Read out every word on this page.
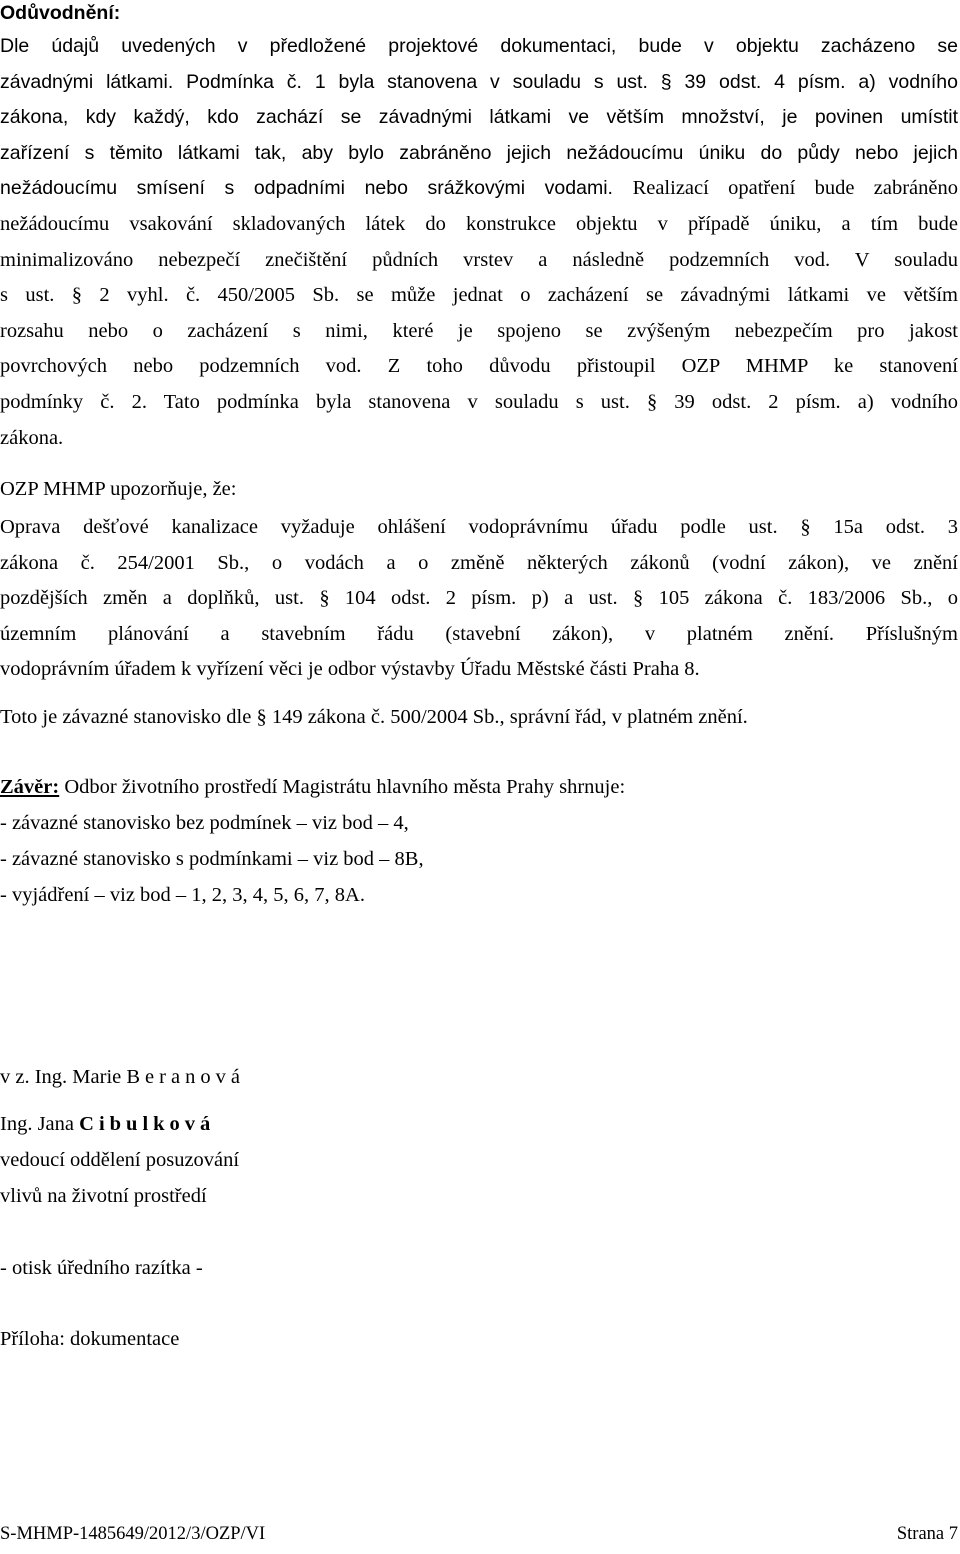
Odůvodnění:
Dle údajů uvedených v předložené projektové dokumentaci, bude v objektu zacházeno se
závadnými látkami. Podmínka č. 1 byla stanovena v souladu s ust. § 39 odst. 4 písm. a) vodního
zákona, kdy každý, kdo zachází se závadnými látkami ve větším množství, je povinen umístit
zařízení s těmito látkami tak, aby bylo zabráněno jejich nežádoucímu úniku do půdy nebo jejich
nežádoucímu smísení s odpadními nebo srážkovými vodami. Realizací opatření bude zabráněno
nežádoucímu vsakování skladovaných látek do konstrukce objektu v případě úniku, a tím bude
minimalizováno nebezpečí znečištění půdních vrstev a následně podzemních vod. V souladu
s ust. § 2 vyhl. č. 450/2005 Sb. se může jednat o zacházení se závadnými látkami ve větším
rozsahu nebo o zacházení s nimi, které je spojeno se zvýšeným nebezpečím pro jakost
povrchových nebo podzemních vod. Z toho důvodu přistoupil OZP MHMP ke stanovení
podmínky č. 2. Tato podmínka byla stanovena v souladu s ust. § 39 odst. 2 písm. a) vodního
zákona.
OZP MHMP upozorňuje, že:
Oprava dešťové kanalizace vyžaduje ohlášení vodoprávnímu úřadu podle ust. § 15a odst. 3
zákona č. 254/2001 Sb., o vodách a o změně některých zákonů (vodní zákon), ve znění
pozdějších změn a doplňků, ust. § 104 odst. 2 písm. p) a ust. § 105 zákona č. 183/2006 Sb., o
územním plánování a stavebním řádu (stavební zákon), v platném znění. Příslušným
vodoprávním úřadem k vyřízení věci je odbor výstavby Úřadu Městské části Praha 8.
Toto je závazné stanovisko dle § 149 zákona č. 500/2004 Sb., správní řád, v platném znění.
Závěr: Odbor životního prostředí Magistrátu hlavního města Prahy shrnuje:
- závazné stanovisko bez podmínek – viz bod – 4,
- závazné stanovisko s podmínkami – viz bod – 8B,
- vyjádření – viz bod – 1, 2, 3, 4, 5, 6, 7, 8A.
v z. Ing. Marie Beranová
Ing. Jana Cibulková
vedoucí oddělení posuzování
vlivů na životní prostředí
- otisk úředního razítka -
Příloha: dokumentace
S-MHMP-1485649/2012/3/OZP/VI	Strana 7
